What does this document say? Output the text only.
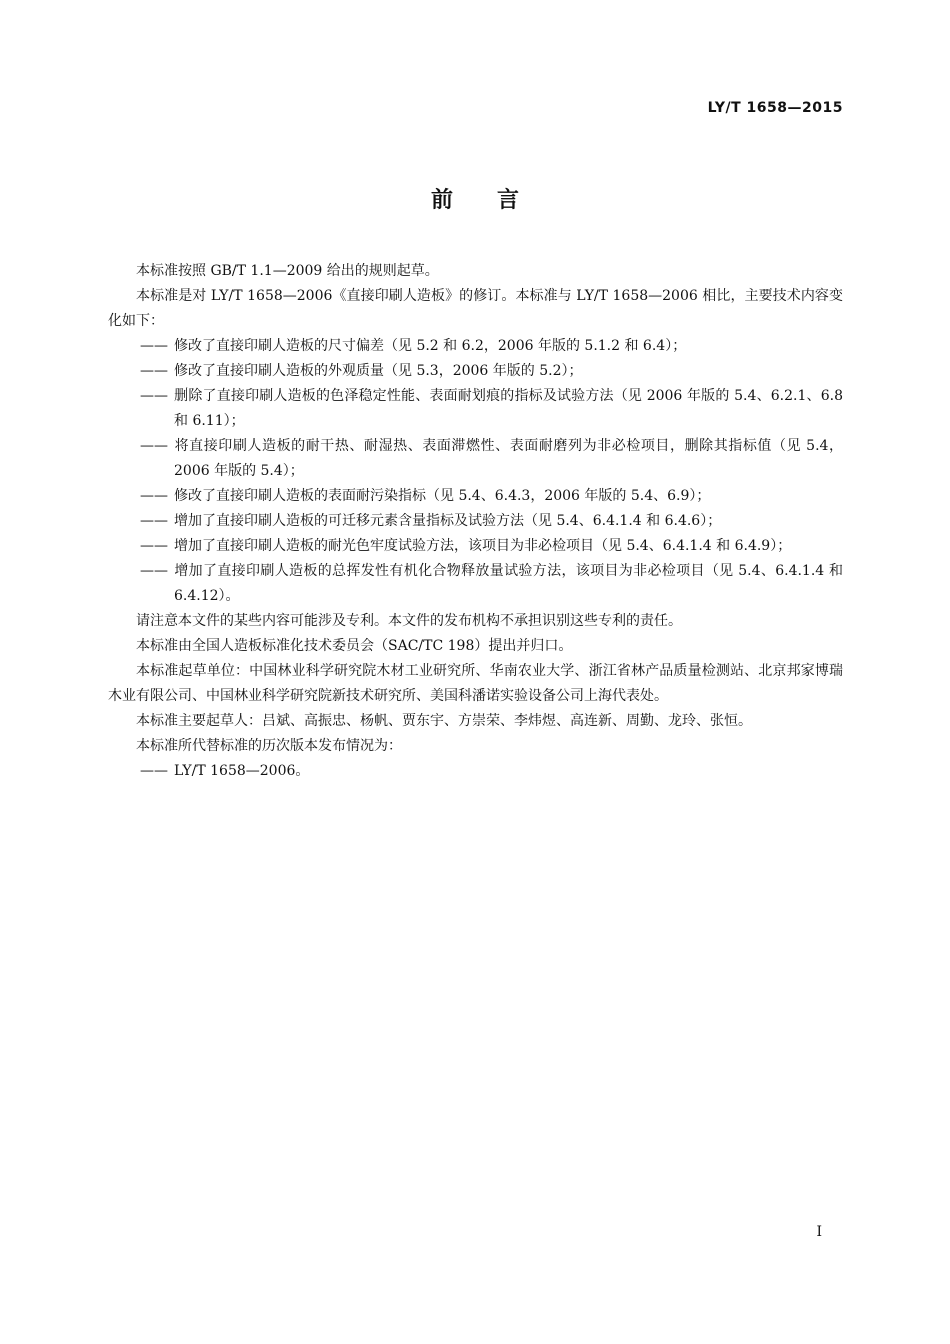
LY/T 1658—2015
前言

本标准按照 GB/T 1.1—2009 给出的规则起草。

本标准是对 LY/T 1658—2006《直接印刷人造板》的修订。本标准与 LY/T 1658—2006 相比，主要技术内容变化如下：

—— 修改了直接印刷人造板的尺寸偏差（见 5.2 和 6.2，2006 年版的 5.1.2 和 6.4）；

—— 修改了直接印刷人造板的外观质量（见 5.3，2006 年版的 5.2）；

—— 删除了直接印刷人造板的色泽稳定性能、表面耐划痕的指标及试验方法（见 2006 年版的 5.4、6.2.1、6.8 和 6.11）；

—— 将直接印刷人造板的耐干热、耐湿热、表面滞燃性、表面耐磨列为非必检项目，删除其指标值（见 5.4，2006 年版的 5.4）；

—— 修改了直接印刷人造板的表面耐污染指标（见 5.4、6.4.3，2006 年版的 5.4、6.9）；

—— 增加了直接印刷人造板的可迁移元素含量指标及试验方法（见 5.4、6.4.1.4 和 6.4.6）；

—— 增加了直接印刷人造板的耐光色牢度试验方法，该项目为非必检项目（见 5.4、6.4.1.4 和 6.4.9）；

—— 增加了直接印刷人造板的总挥发性有机化合物释放量试验方法，该项目为非必检项目（见 5.4、6.4.1.4 和 6.4.12）。

请注意本文件的某些内容可能涉及专利。本文件的发布机构不承担识别这些专利的责任。

本标准由全国人造板标准化技术委员会（SAC/TC 198）提出并归口。

本标准起草单位：中国林业科学研究院木材工业研究所、华南农业大学、浙江省林产品质量检测站、北京邦家博瑞木业有限公司、中国林业科学研究院新技术研究所、美国科潘诺实验设备公司上海代表处。

本标准主要起草人：吕斌、高振忠、杨帆、贾东宇、方崇荣、李炜煜、高连新、周勤、龙玲、张恒。

本标准所代替标准的历次版本发布情况为：

—— LY/T 1658—2006。

I
